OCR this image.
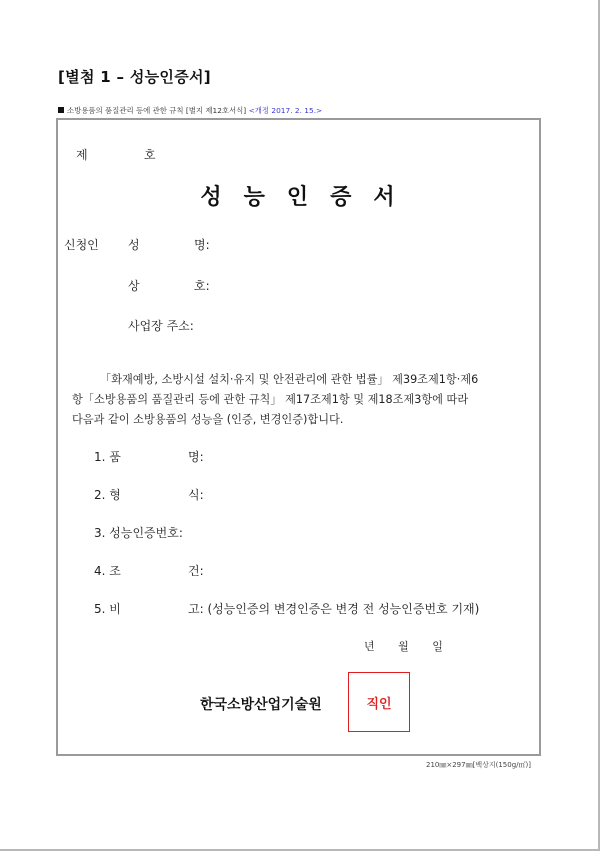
[별첨 1 – 성능인증서]
소방용품의 품질관리 등에 관한 규칙 [별지 제12호서식] <개정 2017. 2. 15.>
제	호
성능인증서
신청인 성	명:
상	호:
사업장 주소:
「화재예방, 소방시설 설치·유지 및 안전관리에 관한 법률」 제39조제1항·제6
항「소방용품의 품질관리 등에 관한 규칙」 제17조제1항 및 제18조제3항에 따라
다음과 같이 소방용품의 성능을 (인증, 변경인증)합니다.
1. 품	명:
2. 형	식:
3. 성능인증번호:
4. 조	건:
5. 비	고: (성능인증의 변경인증은 변경 전 성능인증번호 기재)
년 월 일
한국소방산업기술원	직인
210㎜×297㎜[백상지(150g/㎡)]
